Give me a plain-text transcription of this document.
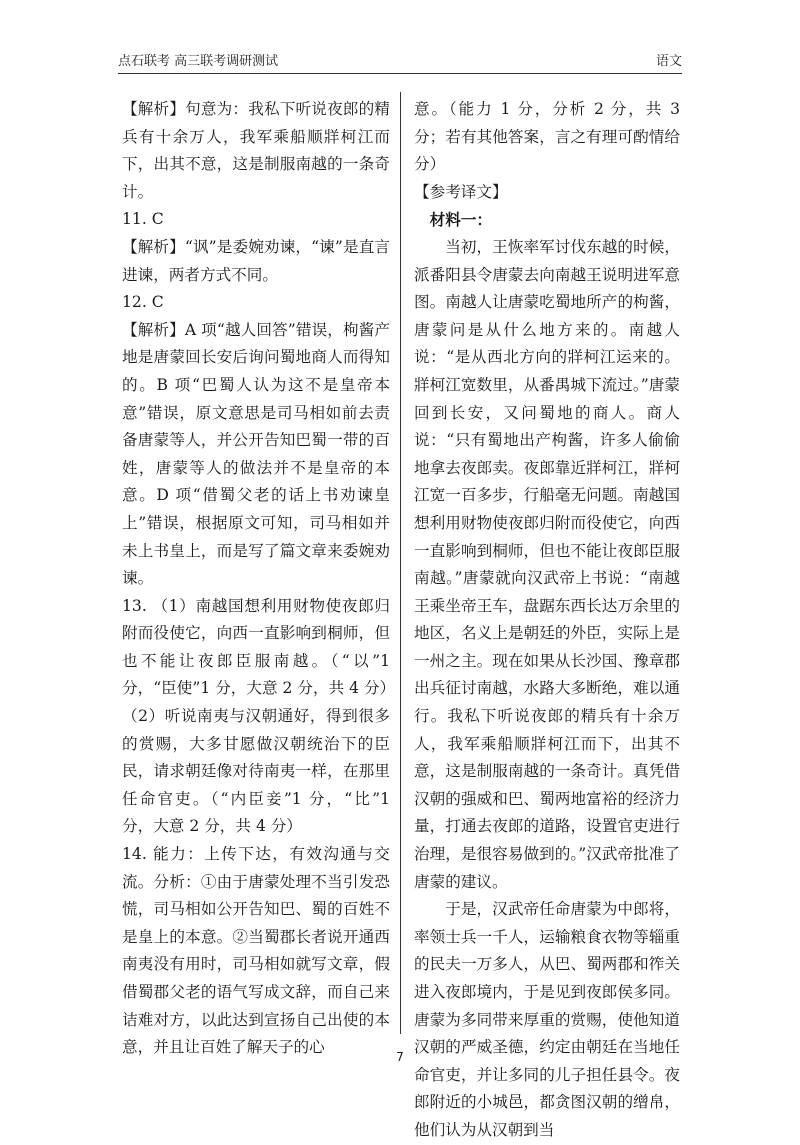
点石联考 高三联考调研测试	语文

【解析】句意为：我私下听说夜郎的精兵有十余万人，我军乘船顺牂柯江而下，出其不意，这是制服南越的一条奇计。

11. C

【解析】“讽”是委婉劝谏，“谏”是直言进谏，两者方式不同。

12. C

【解析】A 项“越人回答”错误，枸酱产地是唐蒙回长安后询问蜀地商人而得知的。B 项“巴蜀人认为这不是皇帝本意”错误，原文意思是司马相如前去责备唐蒙等人，并公开告知巴蜀一带的百姓，唐蒙等人的做法并不是皇帝的本意。D 项“借蜀父老的话上书劝谏皇上”错误，根据原文可知，司马相如并未上书皇上，而是写了篇文章来委婉劝谏。

13. （1）南越国想利用财物使夜郎归附而役使它，向西一直影响到桐师，但也不能让夜郎臣服南越。（“以”1 分，“臣使”1 分，大意 2 分，共 4 分）

（2）听说南夷与汉朝通好，得到很多的赏赐，大多甘愿做汉朝统治下的臣民，请求朝廷像对待南夷一样，在那里任命官吏。（“内臣妾”1 分，“比”1 分，大意 2 分，共 4 分）

14. 能力：上传下达，有效沟通与交流。分析：①由于唐蒙处理不当引发恐慌，司马相如公开告知巴、蜀的百姓不是皇上的本意。②当蜀郡长者说开通西南夷没有用时，司马相如就写文章，假借蜀郡父老的语气写成文辞，而自己来诘难对方，以此达到宣扬自己出使的本意，并且让百姓了解天子的心

意。（能力 1 分，分析 2 分，共 3 分；若有其他答案，言之有理可酌情给分）

【参考译文】

材料一：

当初，王恢率军讨伐东越的时候，派番阳县令唐蒙去向南越王说明进军意图。南越人让唐蒙吃蜀地所产的枸酱，唐蒙问是从什么地方来的。南越人说：“是从西北方向的牂柯江运来的。牂柯江宽数里，从番禺城下流过。”唐蒙回到长安，又问蜀地的商人。商人说：“只有蜀地出产枸酱，许多人偷偷地拿去夜郎卖。夜郎靠近牂柯江，牂柯江宽一百多步，行船毫无问题。南越国想利用财物使夜郎归附而役使它，向西一直影响到桐师，但也不能让夜郎臣服南越。”唐蒙就向汉武帝上书说：“南越王乘坐帝王车，盘踞东西长达万余里的地区，名义上是朝廷的外臣，实际上是一州之主。现在如果从长沙国、豫章郡出兵征讨南越，水路大多断绝，难以通行。我私下听说夜郎的精兵有十余万人，我军乘船顺牂柯江而下，出其不意，这是制服南越的一条奇计。真凭借汉朝的强威和巴、蜀两地富裕的经济力量，打通去夜郎的道路，设置官吏进行治理，是很容易做到的。”汉武帝批准了唐蒙的建议。

于是，汉武帝任命唐蒙为中郎将，率领士兵一千人，运输粮食衣物等辎重的民夫一万多人，从巴、蜀两郡和筰关进入夜郎境内，于是见到夜郎侯多同。唐蒙为多同带来厚重的赏赐，使他知道汉朝的严威圣德，约定由朝廷在当地任命官吏，并让多同的儿子担任县令。夜郎附近的小城邑，都贪图汉朝的缯帛，他们认为从汉朝到当

7
